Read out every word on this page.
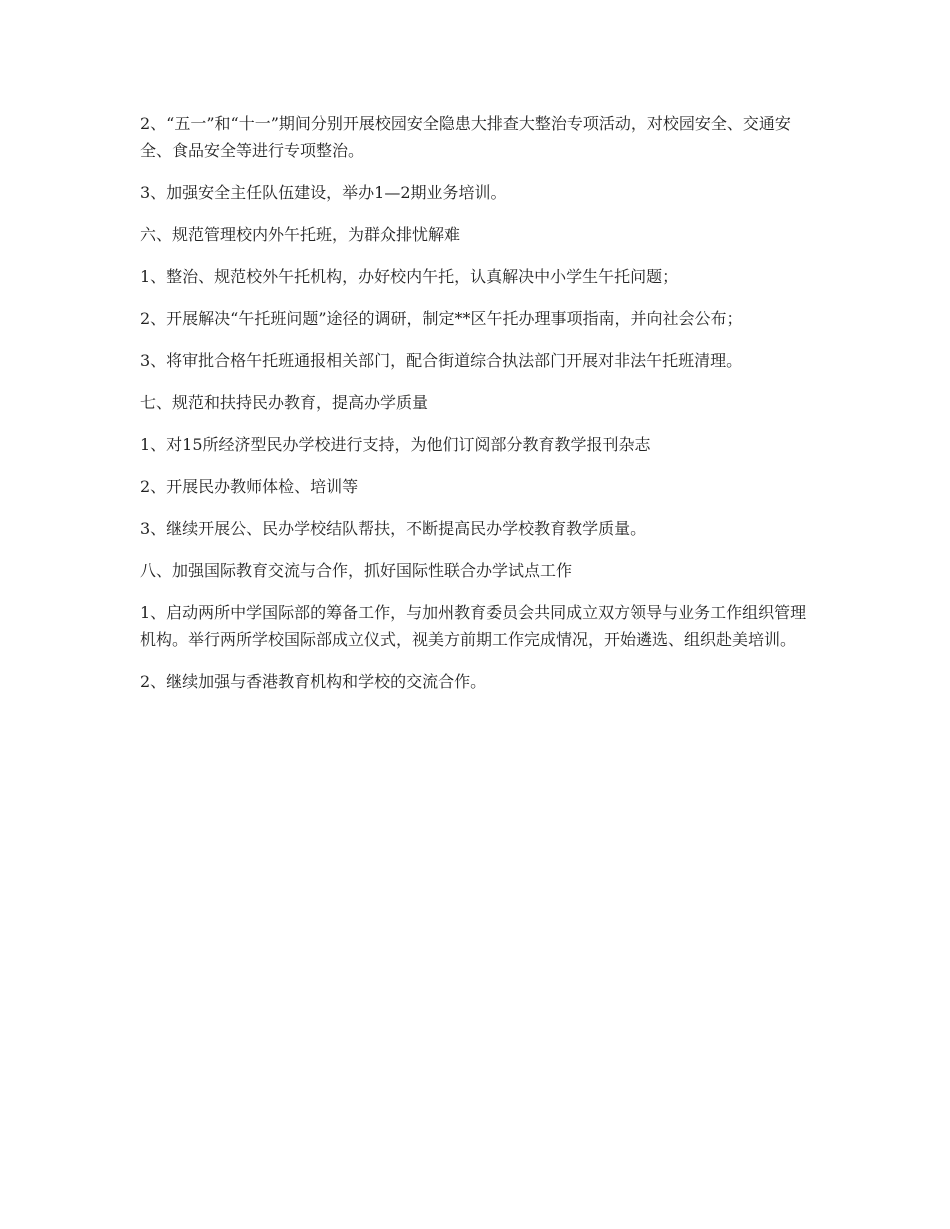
2、“五一”和“十一”期间分别开展校园安全隐患大排查大整治专项活动，对校园安全、交通安全、食品安全等进行专项整治。

3、加强安全主任队伍建设，举办1—2期业务培训。

六、规范管理校内外午托班，为群众排忧解难

1、整治、规范校外午托机构，办好校内午托，认真解决中小学生午托问题；

2、开展解决“午托班问题”途径的调研，制定**区午托办理事项指南，并向社会公布；

3、将审批合格午托班通报相关部门，配合街道综合执法部门开展对非法午托班清理。

七、规范和扶持民办教育，提高办学质量

1、对15所经济型民办学校进行支持，为他们订阅部分教育教学报刊杂志

2、开展民办教师体检、培训等

3、继续开展公、民办学校结队帮扶，不断提高民办学校教育教学质量。

八、加强国际教育交流与合作，抓好国际性联合办学试点工作

1、启动两所中学国际部的筹备工作，与加州教育委员会共同成立双方领导与业务工作组织管理机构。举行两所学校国际部成立仪式，视美方前期工作完成情况，开始遴选、组织赴美培训。

2、继续加强与香港教育机构和学校的交流合作。
